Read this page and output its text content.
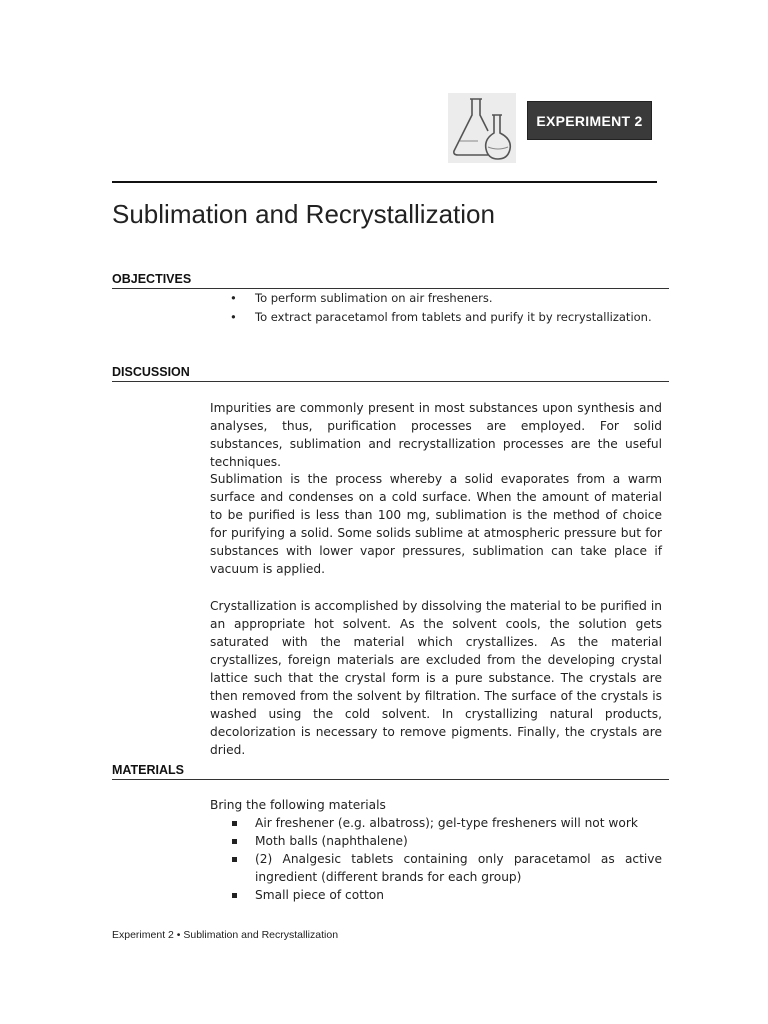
EXPERIMENT 2
Sublimation and Recrystallization
OBJECTIVES
• To perform sublimation on air fresheners.
• To extract paracetamol from tablets and purify it by recrystallization.
DISCUSSION

Impurities are commonly present in most substances upon synthesis and analyses, thus, purification processes are employed. For solid substances, sublimation and recrystallization processes are the useful techniques.

Sublimation is the process whereby a solid evaporates from a warm surface and condenses on a cold surface. When the amount of material to be purified is less than 100 mg, sublimation is the method of choice for purifying a solid. Some solids sublime at atmospheric pressure but for substances with lower vapor pressures, sublimation can take place if vacuum is applied.

Crystallization is accomplished by dissolving the material to be purified in an appropriate hot solvent. As the solvent cools, the solution gets saturated with the material which crystallizes. As the material crystallizes, foreign materials are excluded from the developing crystal lattice such that the crystal form is a pure substance. The crystals are then removed from the solvent by filtration. The surface of the crystals is washed using the cold solvent. In crystallizing natural products, decolorization is necessary to remove pigments. Finally, the crystals are dried.

MATERIALS

Bring the following materials

Air freshener (e.g. albatross); gel-type fresheners will not work
Moth balls (naphthalene)
(2) Analgesic tablets containing only paracetamol as active ingredient (different brands for each group)
Small piece of cotton
Experiment 2 • Sublimation and Recrystallization
